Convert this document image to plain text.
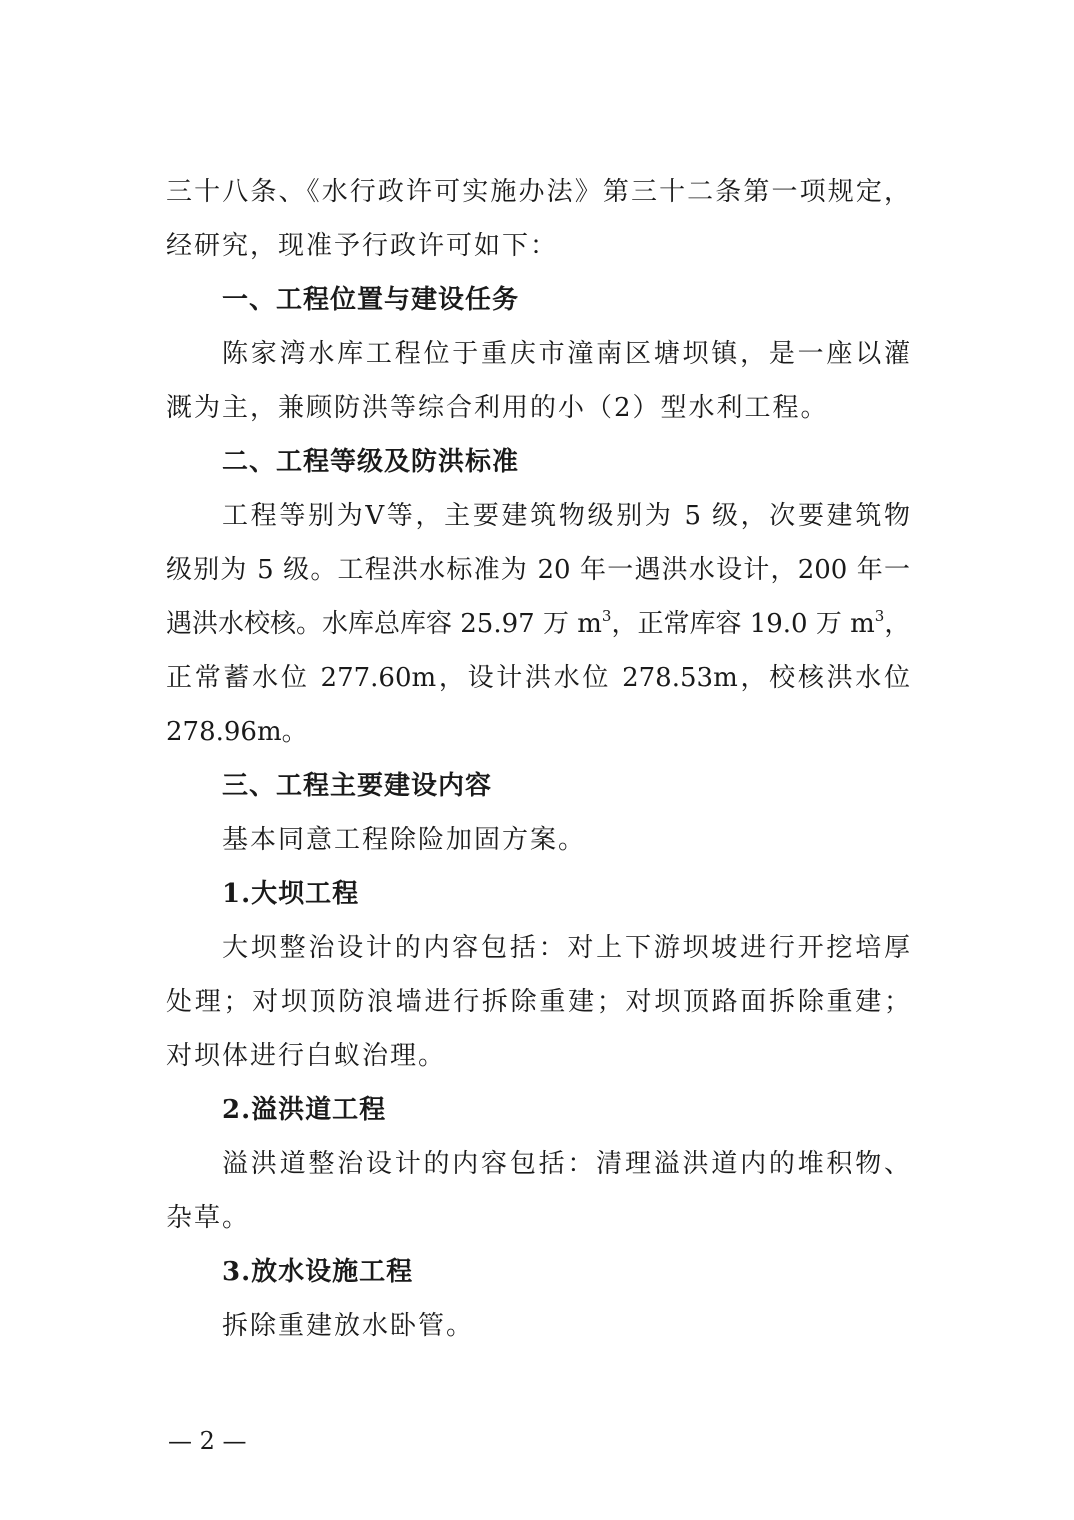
三十八条、《水行政许可实施办法》第三十二条第一项规定，
经研究，现准予行政许可如下：
一、工程位置与建设任务
陈家湾水库工程位于重庆市潼南区塘坝镇，是一座以灌
溉为主，兼顾防洪等综合利用的小（2）型水利工程。
二、工程等级及防洪标准
工程等别为Ⅴ等，主要建筑物级别为 5 级，次要建筑物
级别为 5 级。工程洪水标准为 20 年一遇洪水设计，200 年一
遇洪水校核。水库总库容 25.97 万 $m^3$，正常库容 19.0 万 $m^3$，
正常蓄水位 277.60m，设计洪水位 278.53m，校核洪水位
278.96m。
三、工程主要建设内容
基本同意工程除险加固方案。
1.大坝工程
大坝整治设计的内容包括：对上下游坝坡进行开挖培厚
处理；对坝顶防浪墙进行拆除重建；对坝顶路面拆除重建；
对坝体进行白蚁治理。
2.溢洪道工程
溢洪道整治设计的内容包括：清理溢洪道内的堆积物、
杂草。
3.放水设施工程
拆除重建放水卧管。
— 2 —
